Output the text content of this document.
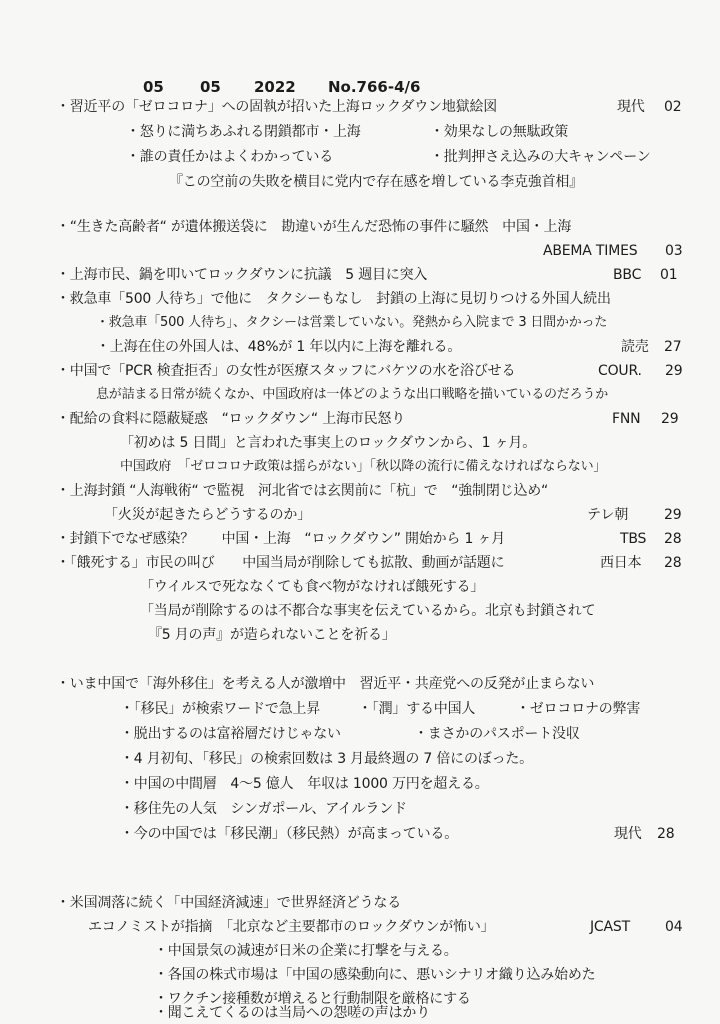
05 05 2022 No.766-4/6
・習近平の「ゼロコロナ」への固執が招いた上海ロックダウン地獄絵図	現代 02
・怒りに満ちあふれる閉鎖都市・上海	・効果なしの無駄政策
・誰の責任かはよくわかっている	・批判押さえ込みの大キャンペーン
『この空前の失敗を横目に党内で存在感を増している李克強首相』
・“生きた高齢者“ が遺体搬送袋に　勘違いが生んだ恐怖の事件に騒然　中国・上海
ABEMA TIMES 03
・上海市民、鍋を叩いてロックダウンに抗議　5 週目に突入	BBC 01
・救急車「500 人待ち」で他に　タクシーもなし　封鎖の上海に見切りつける外国人続出
・救急車「500 人待ち」、タクシーは営業していない。発熱から入院まで 3 日間かかった
・上海在住の外国人は、48%が 1 年以内に上海を離れる。	読売 27
・中国で「PCR 検査拒否」の女性が医療スタッフにバケツの水を浴びせる	COUR. 29
息が詰まる日常が続くなか、中国政府は一体どのような出口戦略を描いているのだろうか
・配給の食料に隠蔽疑惑　“ロックダウン“ 上海市民怒り	FNN 29
「初めは 5 日間」と言われた事実上のロックダウンから、1 ヶ月。
中国政府　「ゼロコロナ政策は揺らがない」「秋以降の流行に備えなければならない」
・上海封鎖 “人海戦術“ で監視　河北省では玄関前に「杭」で　“強制閉じ込め“
「火災が起きたらどうするのか」	テレ朝	29
・封鎖下でなぜ感染？　　中国・上海　“ロックダウン” 開始から 1 ヶ月	TBS 28
・「餓死する」市民の叫び　　中国当局が削除しても拡散、動画が話題に	西日本 28
「ウイルスで死ななくても食べ物がなければ餓死する」
「当局が削除するのは不都合な事実を伝えているから。北京も封鎖されて
『5 月の声』が造られないことを祈る」
・いま中国で「海外移住」を考える人が激増中　習近平・共産党への反発が止まらない
・「移民」が検索ワードで急上昇	・「潤」する中国人	・ゼロコロナの弊害
・脱出するのは富裕層だけじゃない	・まさかのパスポート没収
・4 月初旬、「移民」の検索回数は 3 月最終週の 7 倍にのぼった。
・中国の中間層　4～5 億人　年収は 1000 万円を超える。
・移住先の人気　シンガポール、アイルランド
・今の中国では「移民潮」（移民熱）が高まっている。	現代 28
・米国凋落に続く「中国経済減速」で世界経済どうなる
エコノミストが指摘　「北京など主要都市のロックダウンが怖い」	JCAST	04
・中国景気の減速が日米の企業に打撃を与える。
・各国の株式市場は「中国の感染動向に、悪いシナリオ織り込み始めた
・ワクチン接種数が増えると行動制限を厳格にする
・聞こえてくるのは当局への怨嗟の声はかり
